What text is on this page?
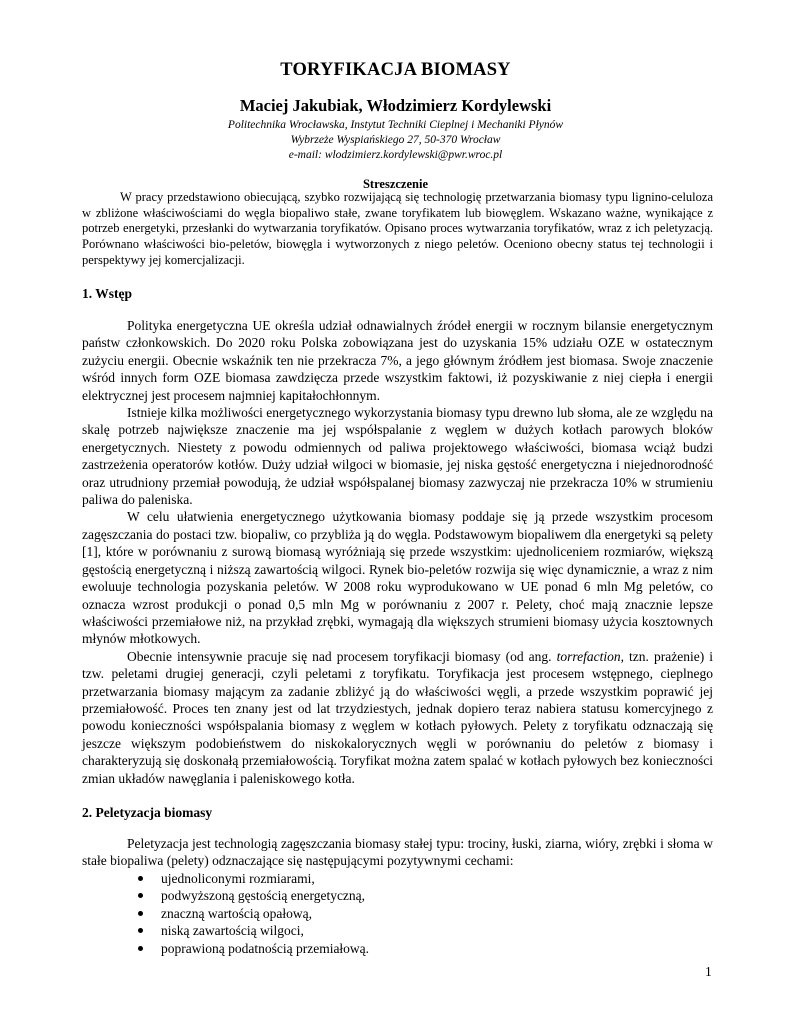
TORYFIKACJA BIOMASY
Maciej Jakubiak, Włodzimierz Kordylewski
Politechnika Wrocławska, Instytut Techniki Cieplnej i Mechaniki Płynów
Wybrzeże Wyspiańskiego 27, 50-370 Wrocław
e-mail: wlodzimierz.kordylewski@pwr.wroc.pl
Streszczenie
W pracy przedstawiono obiecującą, szybko rozwijającą się technologię przetwarzania biomasy typu lignino-celuloza w zbliżone właściwościami do węgla biopaliwo stałe, zwane toryfikatem lub biowęglem. Wskazano ważne, wynikające z potrzeb energetyki, przesłanki do wytwarzania toryfikatów. Opisano proces wytwarzania toryfikatów, wraz z ich peletyzacją. Porównano właściwości bio-peletów, biowęgla i wytworzonych z niego peletów. Oceniono obecny status tej technologii i perspektywy jej komercjalizacji.
1. Wstęp

Polityka energetyczna UE określa udział odnawialnych źródeł energii w rocznym bilansie energetycznym państw członkowskich. Do 2020 roku Polska zobowiązana jest do uzyskania 15% udziału OZE w ostatecznym zużyciu energii. Obecnie wskaźnik ten nie przekracza 7%, a jego głównym źródłem jest biomasa. Swoje znaczenie wśród innych form OZE biomasa zawdzięcza przede wszystkim faktowi, iż pozyskiwanie z niej ciepła i energii elektrycznej jest procesem najmniej kapitałochłonnym.

Istnieje kilka możliwości energetycznego wykorzystania biomasy typu drewno lub słoma, ale ze względu na skalę potrzeb największe znaczenie ma jej współspalanie z węglem w dużych kotłach parowych bloków energetycznych. Niestety z powodu odmiennych od paliwa projektowego właściwości, biomasa wciąż budzi zastrzeżenia operatorów kotłów. Duży udział wilgoci w biomasie, jej niska gęstość energetyczna i niejednorodność oraz utrudniony przemiał powodują, że udział współspalanej biomasy zazwyczaj nie przekracza 10% w strumieniu paliwa do paleniska.

W celu ułatwienia energetycznego użytkowania biomasy poddaje się ją przede wszystkim procesom zagęszczania do postaci tzw. biopaliw, co przybliża ją do węgla. Podstawowym biopaliwem dla energetyki są pelety [1], które w porównaniu z surową biomasą wyróżniają się przede wszystkim: ujednoliceniem rozmiarów, większą gęstością energetyczną i niższą zawartością wilgoci. Rynek bio-peletów rozwija się więc dynamicznie, a wraz z nim ewoluuje technologia pozyskania peletów. W 2008 roku wyprodukowano w UE ponad 6 mln Mg peletów, co oznacza wzrost produkcji o ponad 0,5 mln Mg w porównaniu z 2007 r. Pelety, choć mają znacznie lepsze właściwości przemiałowe niż, na przykład zrębki, wymagają dla większych strumieni biomasy użycia kosztownych młynów młotkowych.

Obecnie intensywnie pracuje się nad procesem toryfikacji biomasy (od ang. torrefaction, tzn. prażenie) i tzw. peletami drugiej generacji, czyli peletami z toryfikatu. Toryfikacja jest procesem wstępnego, cieplnego przetwarzania biomasy mającym za zadanie zbliżyć ją do właściwości węgli, a przede wszystkim poprawić jej przemiałowość. Proces ten znany jest od lat trzydziestych, jednak dopiero teraz nabiera statusu komercyjnego z powodu konieczności współspalania biomasy z węglem w kotłach pyłowych. Pelety z toryfikatu odznaczają się jeszcze większym podobieństwem do niskokalorycznych węgli w porównaniu do peletów z biomasy i charakteryzują się doskonałą przemiałowością. Toryfikat można zatem spalać w kotłach pyłowych bez konieczności zmian układów nawęglania i paleniskowego kotła.

2. Peletyzacja biomasy

Peletyzacja jest technologią zagęszczania biomasy stałej typu: trociny, łuski, ziarna, wióry, zrębki i słoma w stałe biopaliwa (pelety) odznaczające się następującymi pozytywnymi cechami:

ujednoliconymi rozmiarami,
podwyższoną gęstością energetyczną,
znaczną wartością opałową,
niską zawartością wilgoci,
poprawioną podatnością przemiałową.
1
